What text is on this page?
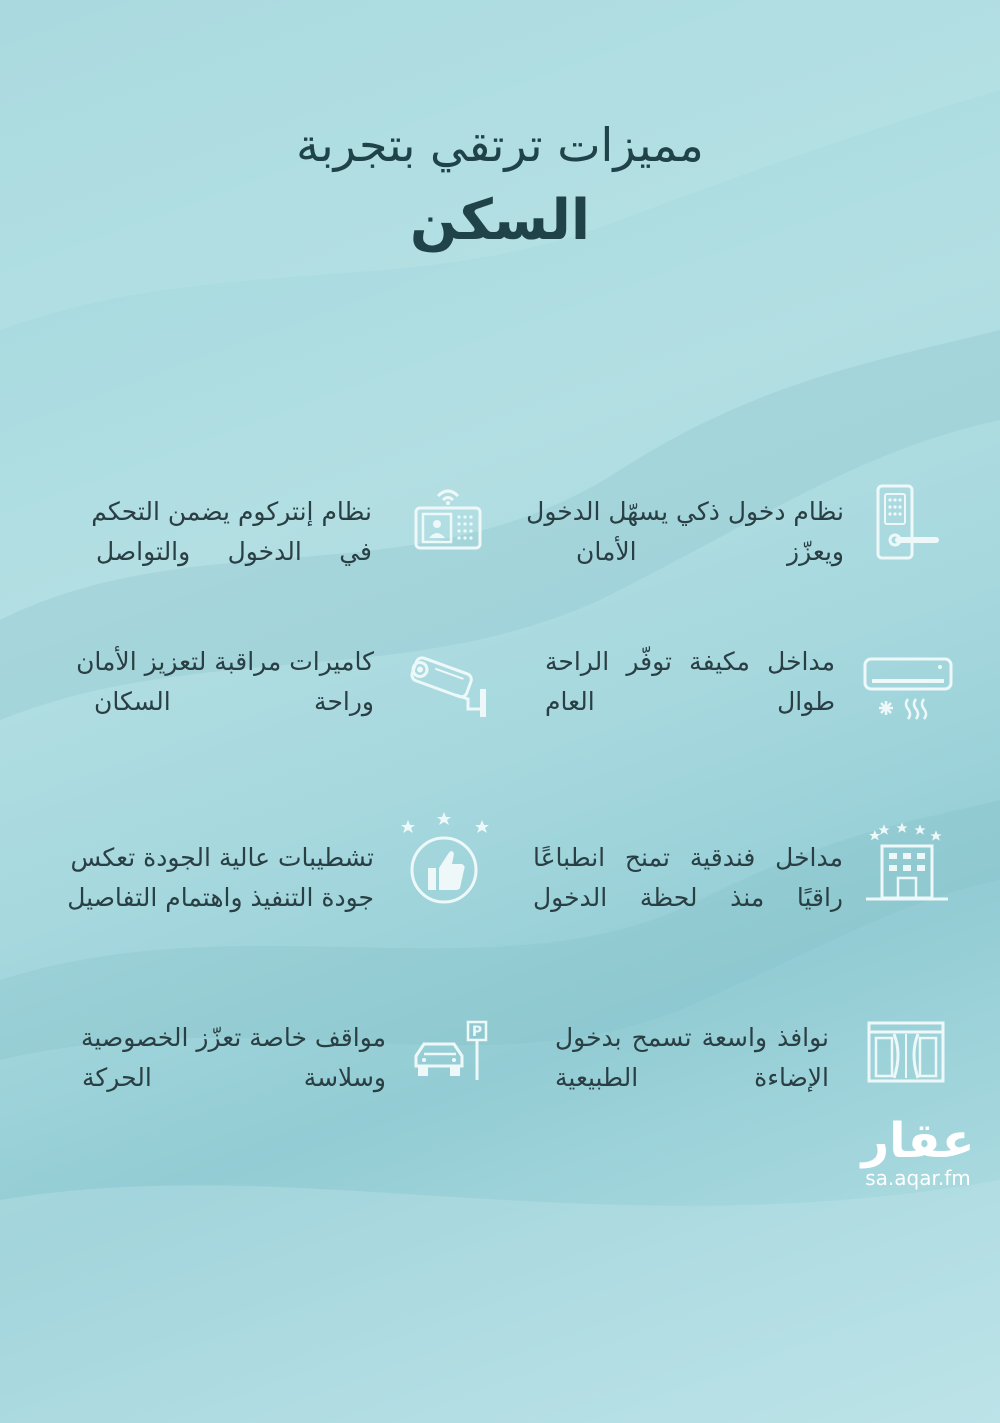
مميزات ترتقي بتجربة
السكن
نظام دخول ذكي يسهّل الدخول
ويعزّز الأمان
نظام إنتركوم يضمن التحكم
في الدخول والتواصل
مداخل مكيفة توفّر الراحة
طوال العام
كاميرات مراقبة لتعزيز الأمان
وراحة السكان
مداخل فندقية تمنح انطباعًا
راقيًا منذ لحظة الدخول
تشطيبات عالية الجودة تعكس
جودة التنفيذ واهتمام التفاصيل
نوافذ واسعة تسمح بدخول
الإضاءة الطبيعية
P
مواقف خاصة تعزّز الخصوصية
وسلاسة الحركة
عقار
sa.aqar.fm
